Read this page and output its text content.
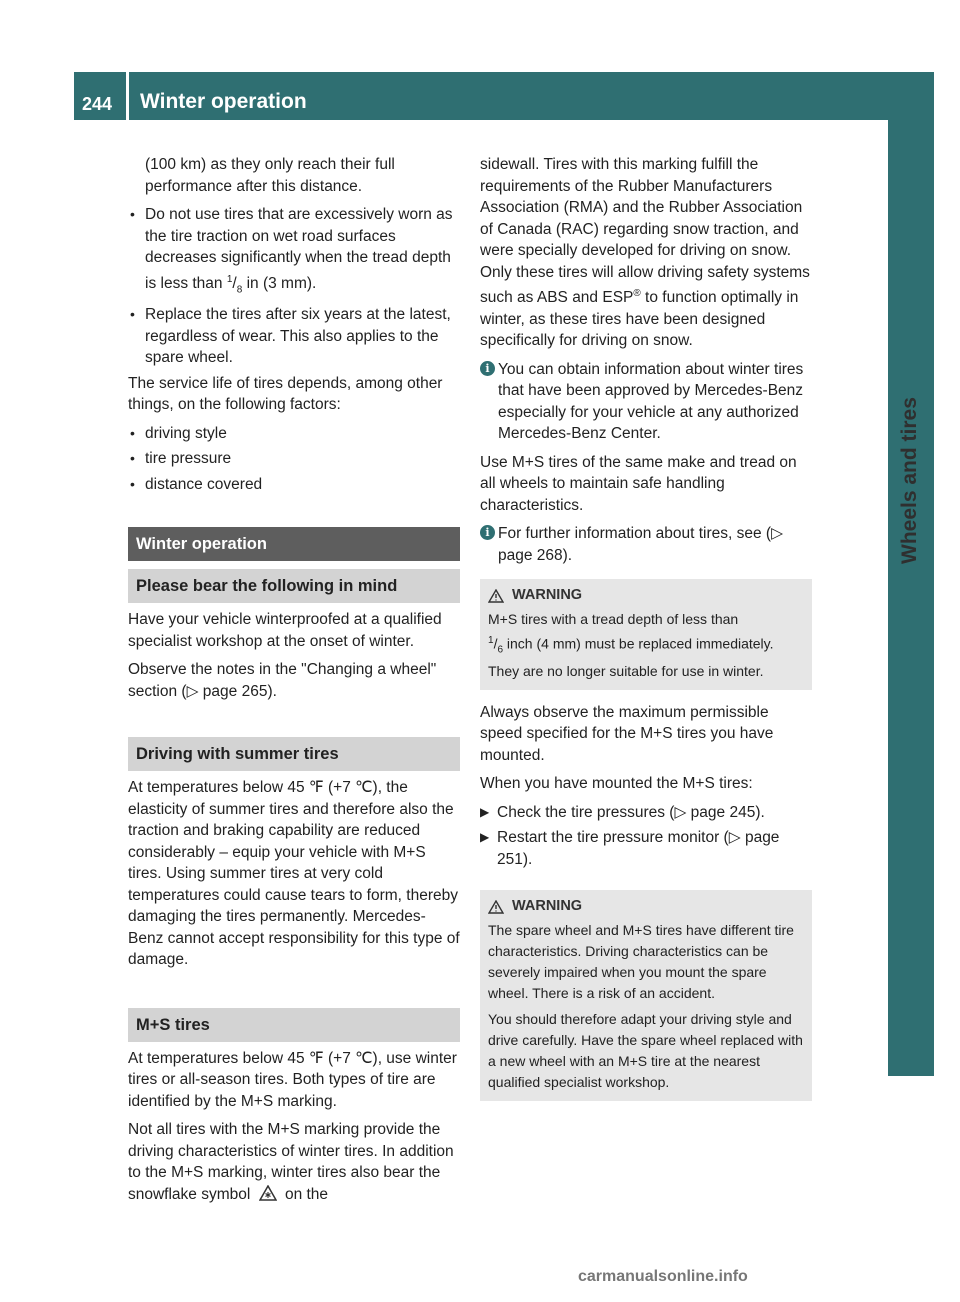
244 Winter operation
Wheels and tires

(100 km) as they only reach their full performance after this distance.

• Do not use tires that are excessively worn as the tire traction on wet road surfaces decreases significantly when the tread depth is less than $^1/_8$ in (3 mm).
• Replace the tires after six years at the latest, regardless of wear. This also applies to the spare wheel.

The service life of tires depends, among other things, on the following factors:

• driving style
• tire pressure
• distance covered
Winter operation
Please bear the following in mind

Have your vehicle winterproofed at a qualified specialist workshop at the onset of winter.

Observe the notes in the "Changing a wheel" section (▷ page 265).

Driving with summer tires

At temperatures below 45 ℉ (+7 ℃), the elasticity of summer tires and therefore also the traction and braking capability are reduced considerably – equip your vehicle with M+S tires. Using summer tires at very cold temperatures could cause tears to form, thereby damaging the tires permanently. Mercedes-Benz cannot accept responsibility for this type of damage.

M+S tires

At temperatures below 45 ℉ (+7 ℃), use winter tires or all-season tires. Both types of tire are identified by the M+S marking.

Not all tires with the M+S marking provide the driving characteristics of winter tires. In addition to the M+S marking, winter tires also bear the snowflake symbol on the

sidewall. Tires with this marking fulfill the requirements of the Rubber Manufacturers Association (RMA) and the Rubber Association of Canada (RAC) regarding snow traction, and were specially developed for driving on snow. Only these tires will allow driving safety systems such as ABS and ESP® to function optimally in winter, as these tires have been designed specifically for driving on snow.

i You can obtain information about winter tires that have been approved by Mercedes-Benz especially for your vehicle at any authorized Mercedes-Benz Center.

Use M+S tires of the same make and tread on all wheels to maintain safe handling characteristics.

i For further information about tires, see (▷ page 268).

WARNING
M+S tires with a tread depth of less than
$^1/_6$ inch (4 mm) must be replaced immediately. They are no longer suitable for use in winter.

Always observe the maximum permissible speed specified for the M+S tires you have mounted.

When you have mounted the M+S tires:

▶ Check the tire pressures (▷ page 245).
▶ Restart the tire pressure monitor (▷ page 251).
WARNING

The spare wheel and M+S tires have different tire characteristics. Driving characteristics can be severely impaired when you mount the spare wheel. There is a risk of an accident.

You should therefore adapt your driving style and drive carefully. Have the spare wheel replaced with a new wheel with an M+S tire at the nearest qualified specialist workshop.

carmanualsonline.info
